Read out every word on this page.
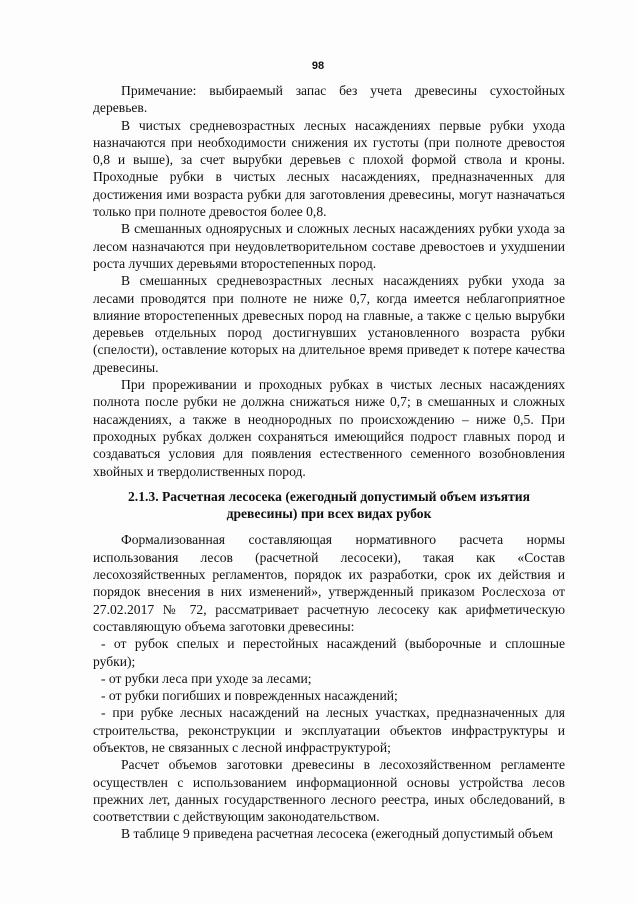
98

Примечание: выбираемый запас без учета древесины сухостойных деревьев.

В чистых средневозрастных лесных насаждениях первые рубки ухода назначаются при необходимости снижения их густоты (при полноте древостоя 0,8 и выше), за счет вырубки деревьев с плохой формой ствола и кроны. Проходные рубки в чистых лесных насаждениях, предназначенных для достижения ими возраста рубки для заготовления древесины, могут назначаться только при полноте древостоя более 0,8.

В смешанных одноярусных и сложных лесных насаждениях рубки ухода за лесом назначаются при неудовлетворительном составе древостоев и ухудшении роста лучших деревьями второстепенных пород.

В смешанных средневозрастных лесных насаждениях рубки ухода за лесами проводятся при полноте не ниже 0,7, когда имеется неблагоприятное влияние второстепенных древесных пород на главные, а также с целью вырубки деревьев отдельных пород достигнувших установленного возраста рубки (спелости), оставление которых на длительное время приведет к потере качества древесины.

При прореживании и проходных рубках в чистых лесных насаждениях полнота после рубки не должна снижаться ниже 0,7; в смешанных и сложных насаждениях, а также в неоднородных по происхождению – ниже 0,5. При проходных рубках должен сохраняться имеющийся подрост главных пород и создаваться условия для появления естественного семенного возобновления хвойных и твердолиственных пород.

2.1.3. Расчетная лесосека (ежегодный допустимый объем изъятия древесины) при всех видах рубок

Формализованная составляющая нормативного расчета нормы использования лесов (расчетной лесосеки), такая как «Состав лесохозяйственных регламентов, порядок их разработки, срок их действия и порядок внесения в них изменений», утвержденный приказом Рослесхоза от 27.02.2017 № 72, рассматривает расчетную лесосеку как арифметическую составляющую объема заготовки древесины:

- от рубок спелых и перестойных насаждений (выборочные и сплошные рубки);

- от рубки леса при уходе за лесами;

- от рубки погибших и поврежденных насаждений;

- при рубке лесных насаждений на лесных участках, предназначенных для строительства, реконструкции и эксплуатации объектов инфраструктуры и объектов, не связанных с лесной инфраструктурой;

Расчет объемов заготовки древесины в лесохозяйственном регламенте осуществлен с использованием информационной основы устройства лесов прежних лет, данных государственного лесного реестра, иных обследований, в соответствии с действующим законодательством.

В таблице 9 приведена расчетная лесосека (ежегодный допустимый объем
